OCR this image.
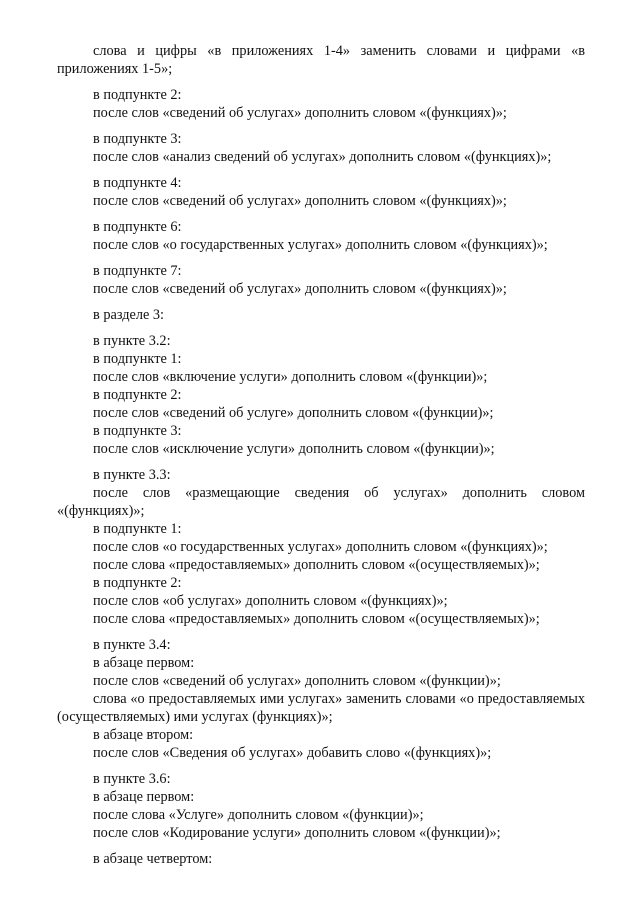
слова и цифры «в приложениях 1-4» заменить словами и цифрами «в приложениях 1-5»;
в подпункте 2:
после слов «сведений об услугах» дополнить словом «(функциях)»;
в подпункте 3:
после слов «анализ сведений об услугах» дополнить словом «(функциях)»;
в подпункте 4:
после слов «сведений об услугах» дополнить словом «(функциях)»;
в подпункте 6:
после слов «о государственных услугах» дополнить словом «(функциях)»;
в подпункте 7:
после слов «сведений об услугах» дополнить словом «(функциях)»;
в разделе 3:
в пункте 3.2:
в подпункте 1:
после слов «включение услуги» дополнить словом «(функции)»;
в подпункте 2:
после слов «сведений об услуге» дополнить словом «(функции)»;
в подпункте 3:
после слов «исключение услуги» дополнить словом «(функции)»;
в пункте 3.3:
после слов «размещающие сведения об услугах» дополнить словом «(функциях)»;
в подпункте 1:
после слов «о государственных услугах» дополнить словом «(функциях)»;
после слова «предоставляемых» дополнить словом «(осуществляемых)»;
в подпункте 2:
после слов «об услугах» дополнить словом «(функциях)»;
после слова «предоставляемых» дополнить словом «(осуществляемых)»;
в пункте 3.4:
в абзаце первом:
после слов «сведений об услугах» дополнить словом «(функции)»;
слова «о предоставляемых ими услугах» заменить словами «о предоставляемых (осуществляемых) ими услугах (функциях)»;
в абзаце втором:
после слов «Сведения об услугах» добавить слово «(функциях)»;
в пункте 3.6:
в абзаце первом:
после слова «Услуге» дополнить словом «(функции)»;
после слов «Кодирование услуги» дополнить словом «(функции)»;
в абзаце четвертом:
